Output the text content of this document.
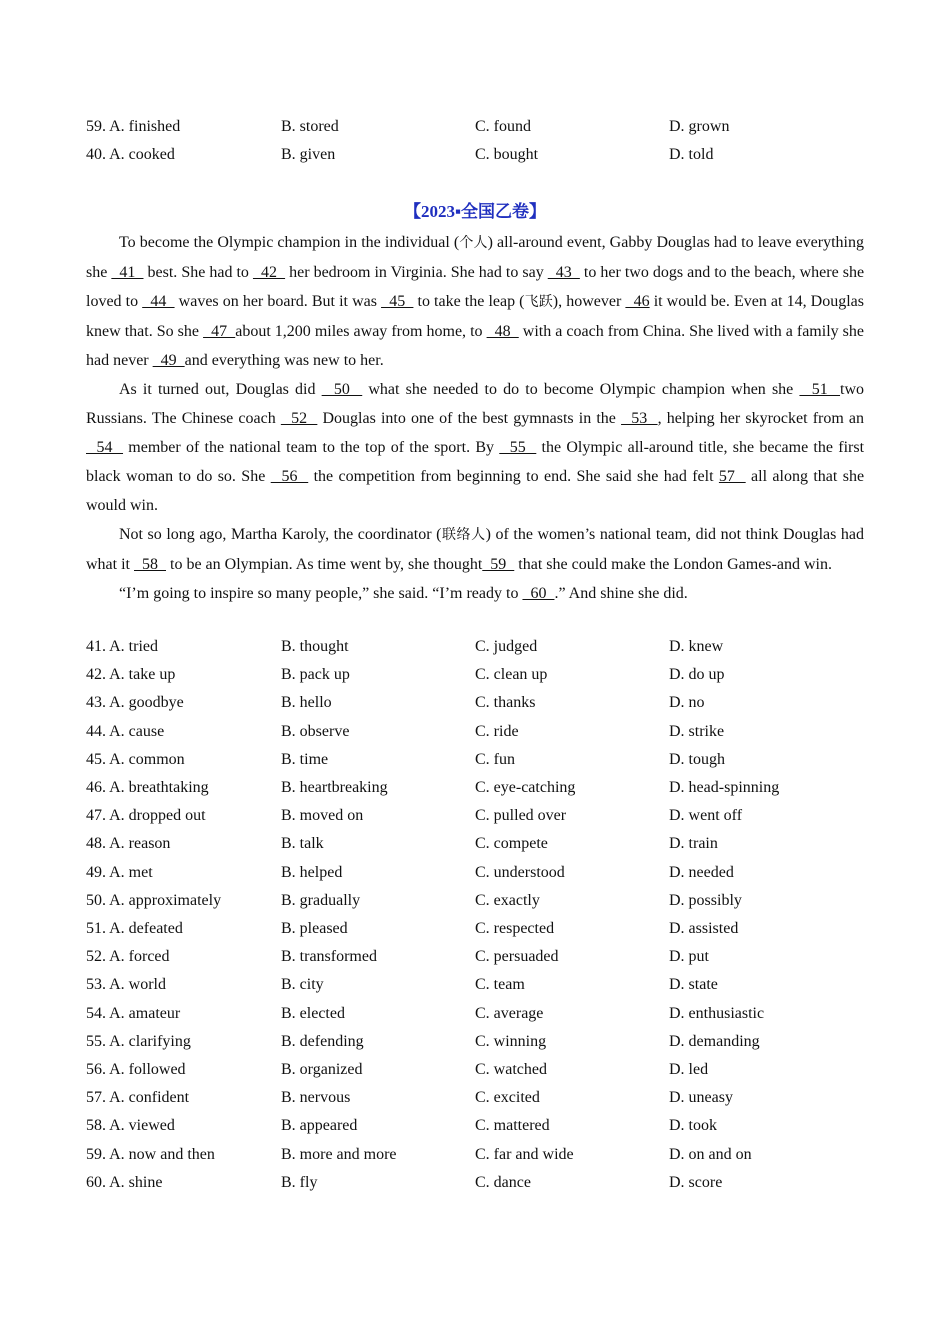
59. A. finished	B. stored	C. found	D. grown
40. A. cooked	B. given	C. bought	D. told
【2023▪全国乙卷】

To become the Olympic champion in the individual (个人) all-around event, Gabby Douglas had to leave everything she   41   best. She had to   42   her bedroom in Virginia. She had to say   43   to her two dogs and to the beach, where she loved to   44   waves on her board. But it was   45   to take the leap (飞跃), however   46 it would be. Even at 14, Douglas knew that. So she   47  about 1,200 miles away from home, to   48   with a coach from China. She lived with a family she had never   49  and everything was new to her.

As it turned out, Douglas did   50   what she needed to do to become Olympic champion when she   51  two Russians. The Chinese coach   52   Douglas into one of the best gymnasts in the   53  , helping her skyrocket from an   54   member of the national team to the top of the sport. By   55   the Olympic all-around title, she became the first black woman to do so. She   56   the competition from beginning to end. She said she had felt 57   all along that she would win.

Not so long ago, Martha Karoly, the coordinator (联络人) of the women’s national team, did not think Douglas had what it   58   to be an Olympian. As time went by, she thought  59   that she could make the London Games-and win.

“I’m going to inspire so many people,” she said. “I’m ready to   60  .” And shine she did.

41. A. tried	B. thought	C. judged	D. knew
42. A. take up	B. pack up	C. clean up	D. do up
43. A. goodbye	B. hello	C. thanks	D. no
44. A. cause	B. observe	C. ride	D. strike
45. A. common	B. time	C. fun	D. tough
46. A. breathtaking	B. heartbreaking	C. eye-catching	D. head-spinning
47. A. dropped out	B. moved on	C. pulled over	D. went off
48. A. reason	B. talk	C. compete	D. train
49. A. met	B. helped	C. understood	D. needed
50. A. approximately	B. gradually	C. exactly	D. possibly
51. A. defeated	B. pleased	C. respected	D. assisted
52. A. forced	B. transformed	C. persuaded	D. put
53. A. world	B. city	C. team	D. state
54. A. amateur	B. elected	C. average	D. enthusiastic
55. A. clarifying	B. defending	C. winning	D. demanding
56. A. followed	B. organized	C. watched	D. led
57. A. confident	B. nervous	C. excited	D. uneasy
58. A. viewed	B. appeared	C. mattered	D. took
59. A. now and then	B. more and more	C. far and wide	D. on and on
60. A. shine	B. fly	C. dance	D. score
